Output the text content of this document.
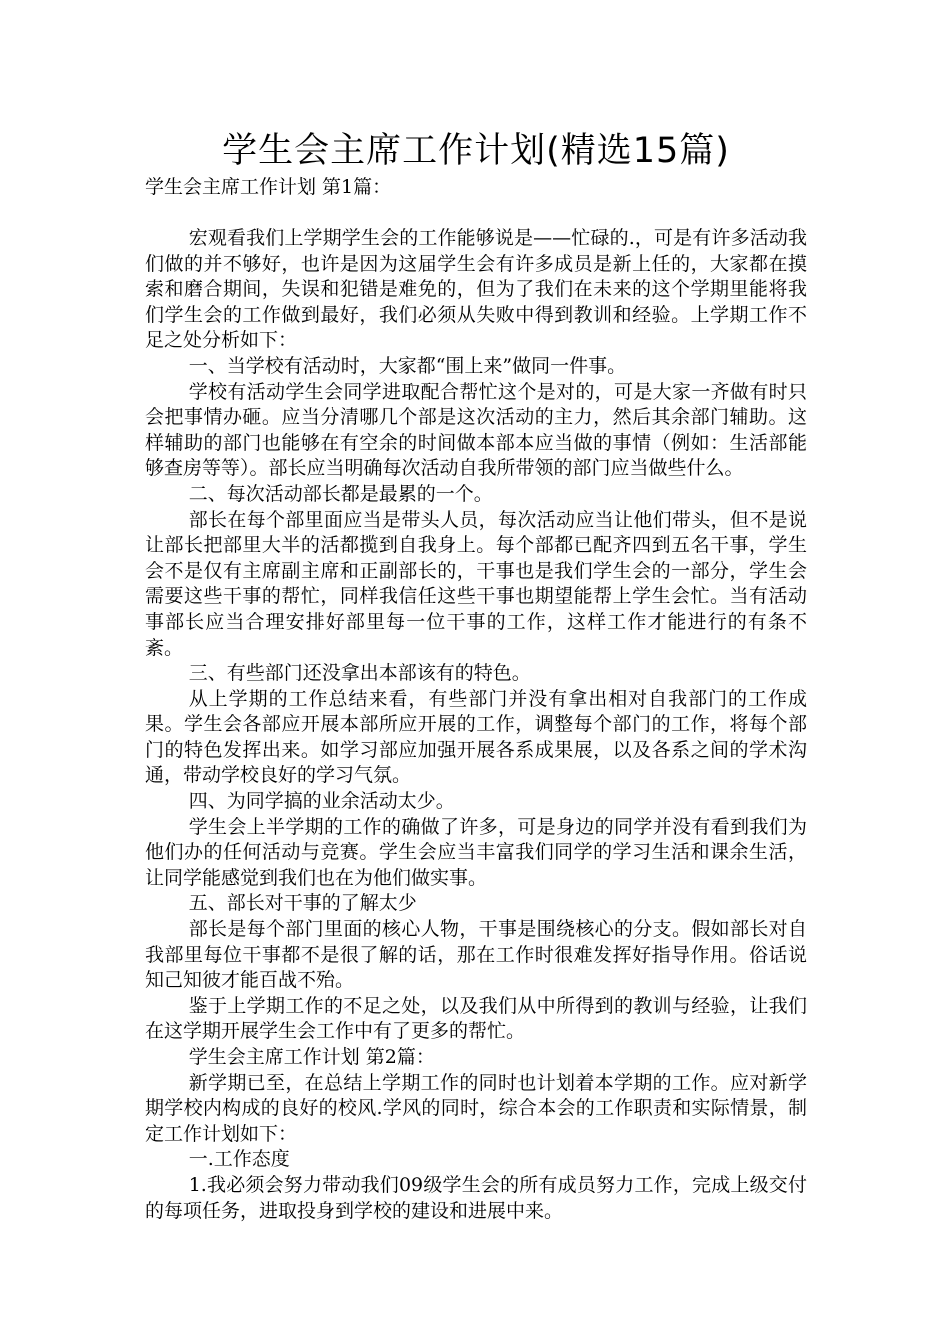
学生会主席工作计划(精选15篇)
学生会主席工作计划 第1篇：

宏观看我们上学期学生会的工作能够说是——忙碌的.，可是有许多活动我们做的并不够好，也许是因为这届学生会有许多成员是新上任的，大家都在摸索和磨合期间，失误和犯错是难免的，但为了我们在未来的这个学期里能将我们学生会的工作做到最好，我们必须从失败中得到教训和经验。上学期工作不足之处分析如下：

一、当学校有活动时，大家都“围上来”做同一件事。

学校有活动学生会同学进取配合帮忙这个是对的，可是大家一齐做有时只会把事情办砸。应当分清哪几个部是这次活动的主力，然后其余部门辅助。这样辅助的部门也能够在有空余的时间做本部本应当做的事情（例如：生活部能够查房等等）。部长应当明确每次活动自我所带领的部门应当做些什么。

二、每次活动部长都是最累的一个。

部长在每个部里面应当是带头人员，每次活动应当让他们带头，但不是说让部长把部里大半的活都揽到自我身上。每个部都已配齐四到五名干事，学生会不是仅有主席副主席和正副部长的，干事也是我们学生会的一部分，学生会需要这些干事的帮忙，同样我信任这些干事也期望能帮上学生会忙。当有活动事部长应当合理安排好部里每一位干事的工作，这样工作才能进行的有条不紊。

三、有些部门还没拿出本部该有的特色。

从上学期的工作总结来看，有些部门并没有拿出相对自我部门的工作成果。学生会各部应开展本部所应开展的工作，调整每个部门的工作，将每个部门的特色发挥出来。如学习部应加强开展各系成果展，以及各系之间的学术沟通，带动学校良好的学习气氛。

四、为同学搞的业余活动太少。

学生会上半学期的工作的确做了许多，可是身边的同学并没有看到我们为他们办的任何活动与竞赛。学生会应当丰富我们同学的学习生活和课余生活，让同学能感觉到我们也在为他们做实事。

五、部长对干事的了解太少

部长是每个部门里面的核心人物，干事是围绕核心的分支。假如部长对自我部里每位干事都不是很了解的话，那在工作时很难发挥好指导作用。俗话说知己知彼才能百战不殆。

鉴于上学期工作的不足之处，以及我们从中所得到的教训与经验，让我们在这学期开展学生会工作中有了更多的帮忙。

学生会主席工作计划 第2篇：

新学期已至，在总结上学期工作的同时也计划着本学期的工作。应对新学期学校内构成的良好的校风.学风的同时，综合本会的工作职责和实际情景，制定工作计划如下：

一.工作态度

1.我必须会努力带动我们09级学生会的所有成员努力工作，完成上级交付的每项任务，进取投身到学校的建设和进展中来。
